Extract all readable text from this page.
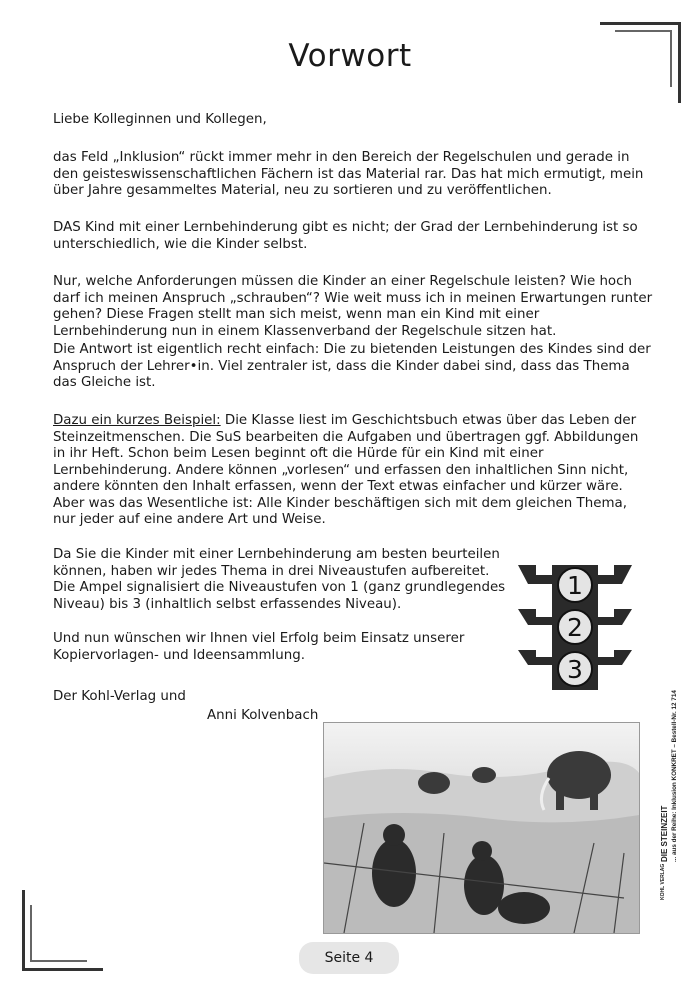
Vorwort

Liebe Kolleginnen und Kollegen,

das Feld „Inklusion“ rückt immer mehr in den Bereich der Regelschulen und gerade in den geisteswissenschaftlichen Fächern ist das Material rar. Das hat mich ermutigt, mein über Jahre gesammeltes Material, neu zu sortieren und zu veröffentlichen.

DAS Kind mit einer Lernbehinderung gibt es nicht; der Grad der Lernbehinderung ist so unterschiedlich, wie die Kinder selbst.

Nur, welche Anforderungen müssen die Kinder an einer Regelschule leisten? Wie hoch darf ich meinen Anspruch „schrauben“? Wie weit muss ich in meinen Erwartungen runter gehen? Diese Fragen stellt man sich meist, wenn man ein Kind mit einer Lernbehinderung nun in einem Klassenverband der Regelschule sitzen hat.

Die Antwort ist eigentlich recht einfach: Die zu bietenden Leistungen des Kindes sind der Anspruch der Lehrer•in. Viel zentraler ist, dass die Kinder dabei sind, dass das Thema das Gleiche ist.

Dazu ein kurzes Beispiel: Die Klasse liest im Geschichtsbuch etwas über das Leben der Steinzeitmenschen. Die SuS bearbeiten die Aufgaben und übertragen ggf. Abbildungen in ihr Heft. Schon beim Lesen beginnt oft die Hürde für ein Kind mit einer Lernbehinderung. Andere können „vorlesen“ und erfassen den inhaltlichen Sinn nicht, andere könnten den Inhalt erfassen, wenn der Text etwas einfacher und kürzer wäre. Aber was das Wesentliche ist: Alle Kinder beschäftigen sich mit dem gleichen Thema, nur jeder auf eine andere Art und Weise.

Da Sie die Kinder mit einer Lernbehinderung am besten beurteilen können, haben wir jedes Thema in drei Niveaustufen aufbereitet. Die Ampel signalisiert die Niveaustufen von 1 (ganz grundlegendes Niveau) bis 3 (inhaltlich selbst erfassendes Niveau).

Und nun wünschen wir Ihnen viel Erfolg beim Einsatz unserer Kopiervorlagen- und Ideensammlung.

Der Kohl-Verlag und

Anni Kolvenbach

1
2
3
DIE STEINZEIT ... aus der Reihe: Inklusion KONKRET – Bestell-Nr. 12 714
KOHL VERLAG
Seite 4
